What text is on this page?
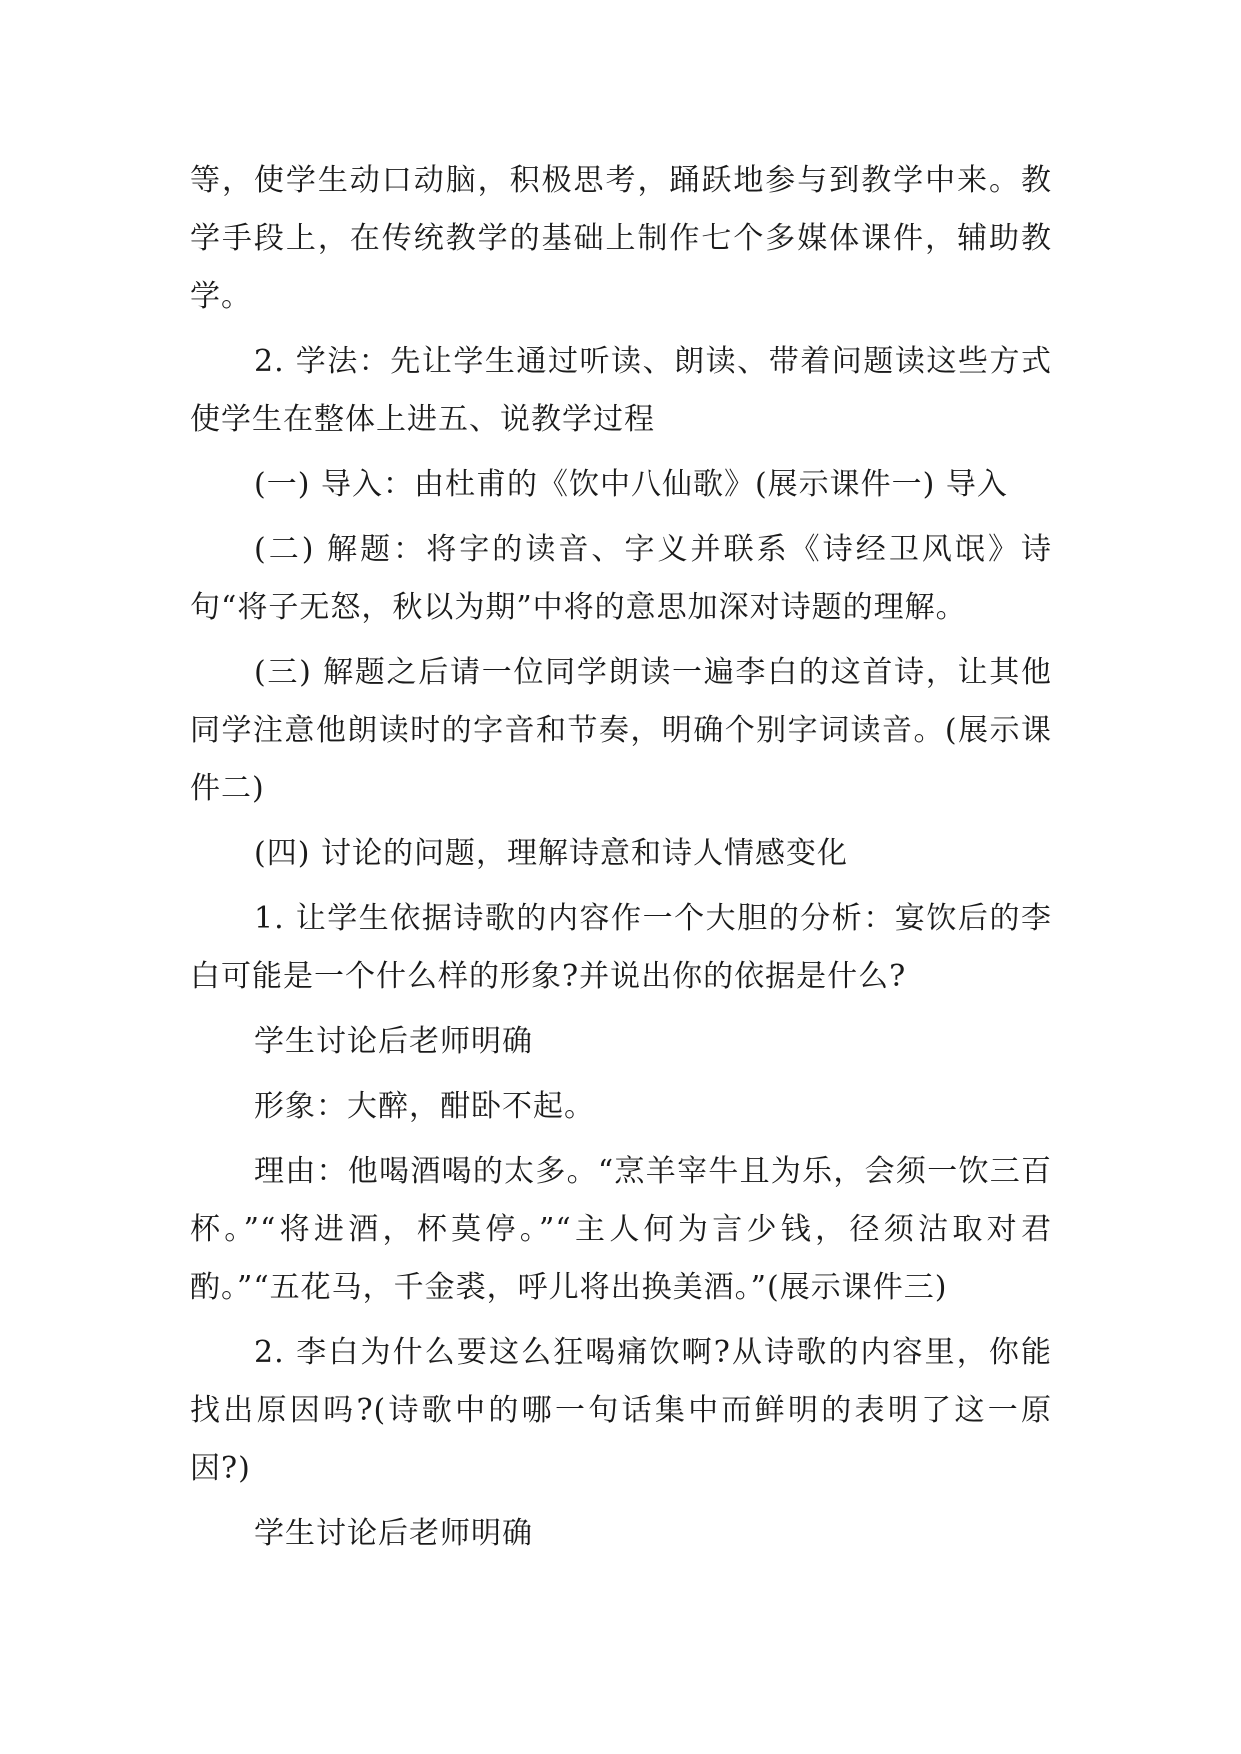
等，使学生动口动脑，积极思考，踊跃地参与到教学中来。教学手段上，在传统教学的基础上制作七个多媒体课件，辅助教学。

2. 学法：先让学生通过听读、朗读、带着问题读这些方式使学生在整体上进五、说教学过程

(一) 导入：由杜甫的《饮中八仙歌》(展示课件一) 导入

(二) 解题：将字的读音、字义并联系《诗经卫风氓》诗句“将子无怒，秋以为期”中将的意思加深对诗题的理解。

(三) 解题之后请一位同学朗读一遍李白的这首诗，让其他同学注意他朗读时的字音和节奏，明确个别字词读音。(展示课件二)

(四) 讨论的问题，理解诗意和诗人情感变化

1. 让学生依据诗歌的内容作一个大胆的分析：宴饮后的李白可能是一个什么样的形象?并说出你的依据是什么?

学生讨论后老师明确

形象：大醉，酣卧不起。

理由：他喝酒喝的太多。“烹羊宰牛且为乐，会须一饮三百杯。”“将进酒，杯莫停。”“主人何为言少钱，径须沽取对君酌。”“五花马，千金裘，呼儿将出换美酒。”(展示课件三)

2. 李白为什么要这么狂喝痛饮啊?从诗歌的内容里，你能找出原因吗?(诗歌中的哪一句话集中而鲜明的表明了这一原因?)

学生讨论后老师明确
